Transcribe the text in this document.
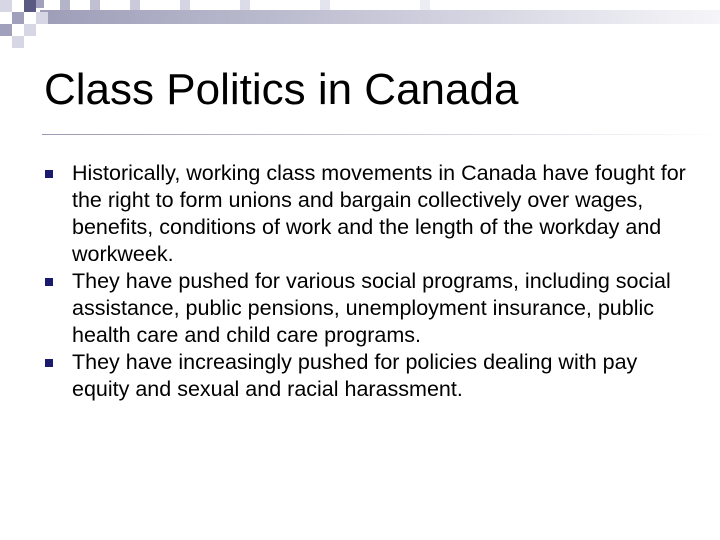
Class Politics in Canada
Historically, working class movements in Canada have fought for the right to form unions and bargain collectively over wages, benefits, conditions of work and the length of the workday and workweek.
They have pushed for various social programs, including social assistance, public pensions, unemployment insurance, public health care and child care programs.
They have increasingly pushed for policies dealing with pay equity and sexual and racial harassment.
